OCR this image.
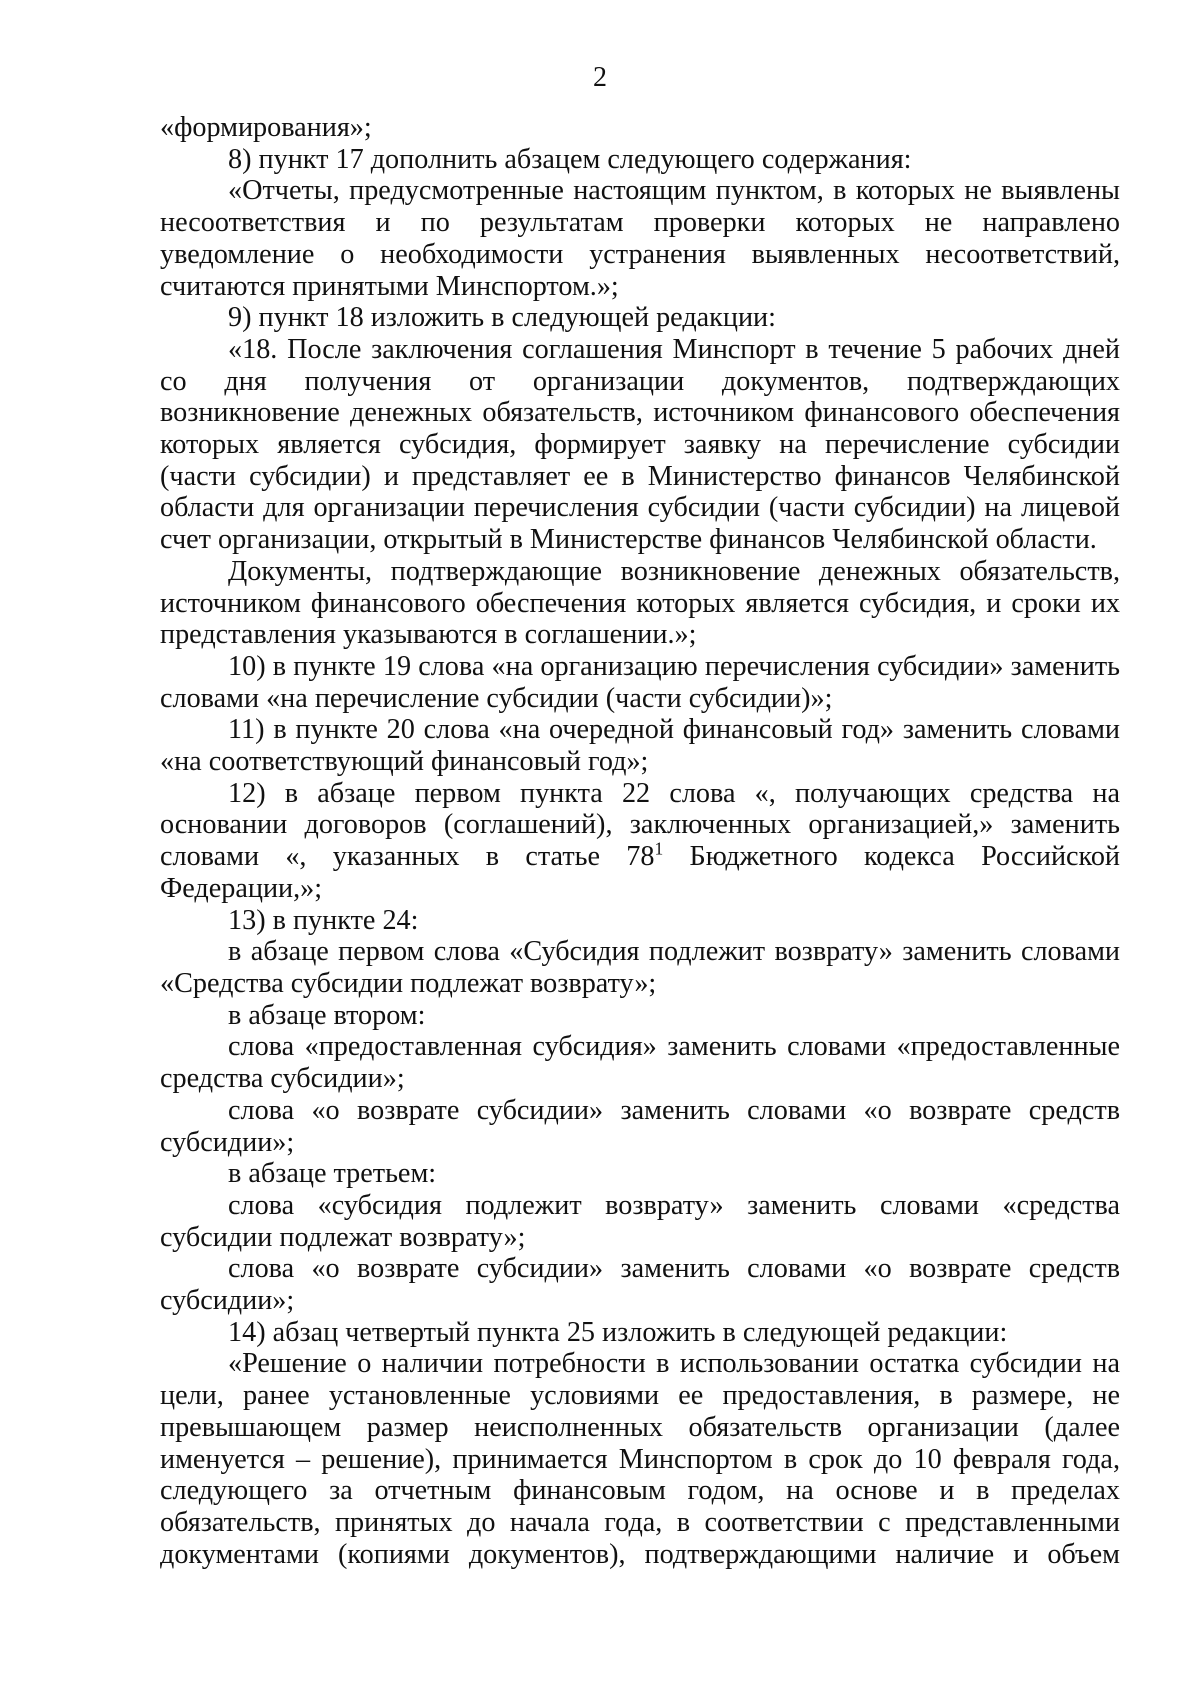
2

«формирования»;

8) пункт 17 дополнить абзацем следующего содержания:

«Отчеты, предусмотренные настоящим пунктом, в которых не выявлены несоответствия и по результатам проверки которых не направлено уведомление о необходимости устранения выявленных несоответствий, считаются принятыми Минспортом.»;

9) пункт 18 изложить в следующей редакции:

«18. После заключения соглашения Минспорт в течение 5 рабочих дней со дня получения от организации документов, подтверждающих возникновение денежных обязательств, источником финансового обеспечения которых является субсидия, формирует заявку на перечисление субсидии (части субсидии) и представляет ее в Министерство финансов Челябинской области для организации перечисления субсидии (части субсидии) на лицевой счет организации, открытый в Министерстве финансов Челябинской области.

Документы, подтверждающие возникновение денежных обязательств, источником финансового обеспечения которых является субсидия, и сроки их представления указываются в соглашении.»;

10) в пункте 19 слова «на организацию перечисления субсидии» заменить словами «на перечисление субсидии (части субсидии)»;

11) в пункте 20 слова «на очередной финансовый год» заменить словами «на соответствующий финансовый год»;

12) в абзаце первом пункта 22 слова «, получающих средства на основании договоров (соглашений), заключенных организацией,» заменить словами «, указанных в статье $78^1$ Бюджетного кодекса Российской Федерации,»;

13) в пункте 24:

в абзаце первом слова «Субсидия подлежит возврату» заменить словами «Средства субсидии подлежат возврату»;

в абзаце втором:

слова «предоставленная субсидия» заменить словами «предоставленные средства субсидии»;

слова «о возврате субсидии» заменить словами «о возврате средств субсидии»;

в абзаце третьем:

слова «субсидия подлежит возврату» заменить словами «средства субсидии подлежат возврату»;

слова «о возврате субсидии» заменить словами «о возврате средств субсидии»;

14) абзац четвертый пункта 25 изложить в следующей редакции:

«Решение о наличии потребности в использовании остатка субсидии на цели, ранее установленные условиями ее предоставления, в размере, не превышающем размер неисполненных обязательств организации (далее именуется – решение), принимается Минспортом в срок до 10 февраля года, следующего за отчетным финансовым годом, на основе и в пределах обязательств, принятых до начала года, в соответствии с представленными документами (копиями документов), подтверждающими наличие и объем
